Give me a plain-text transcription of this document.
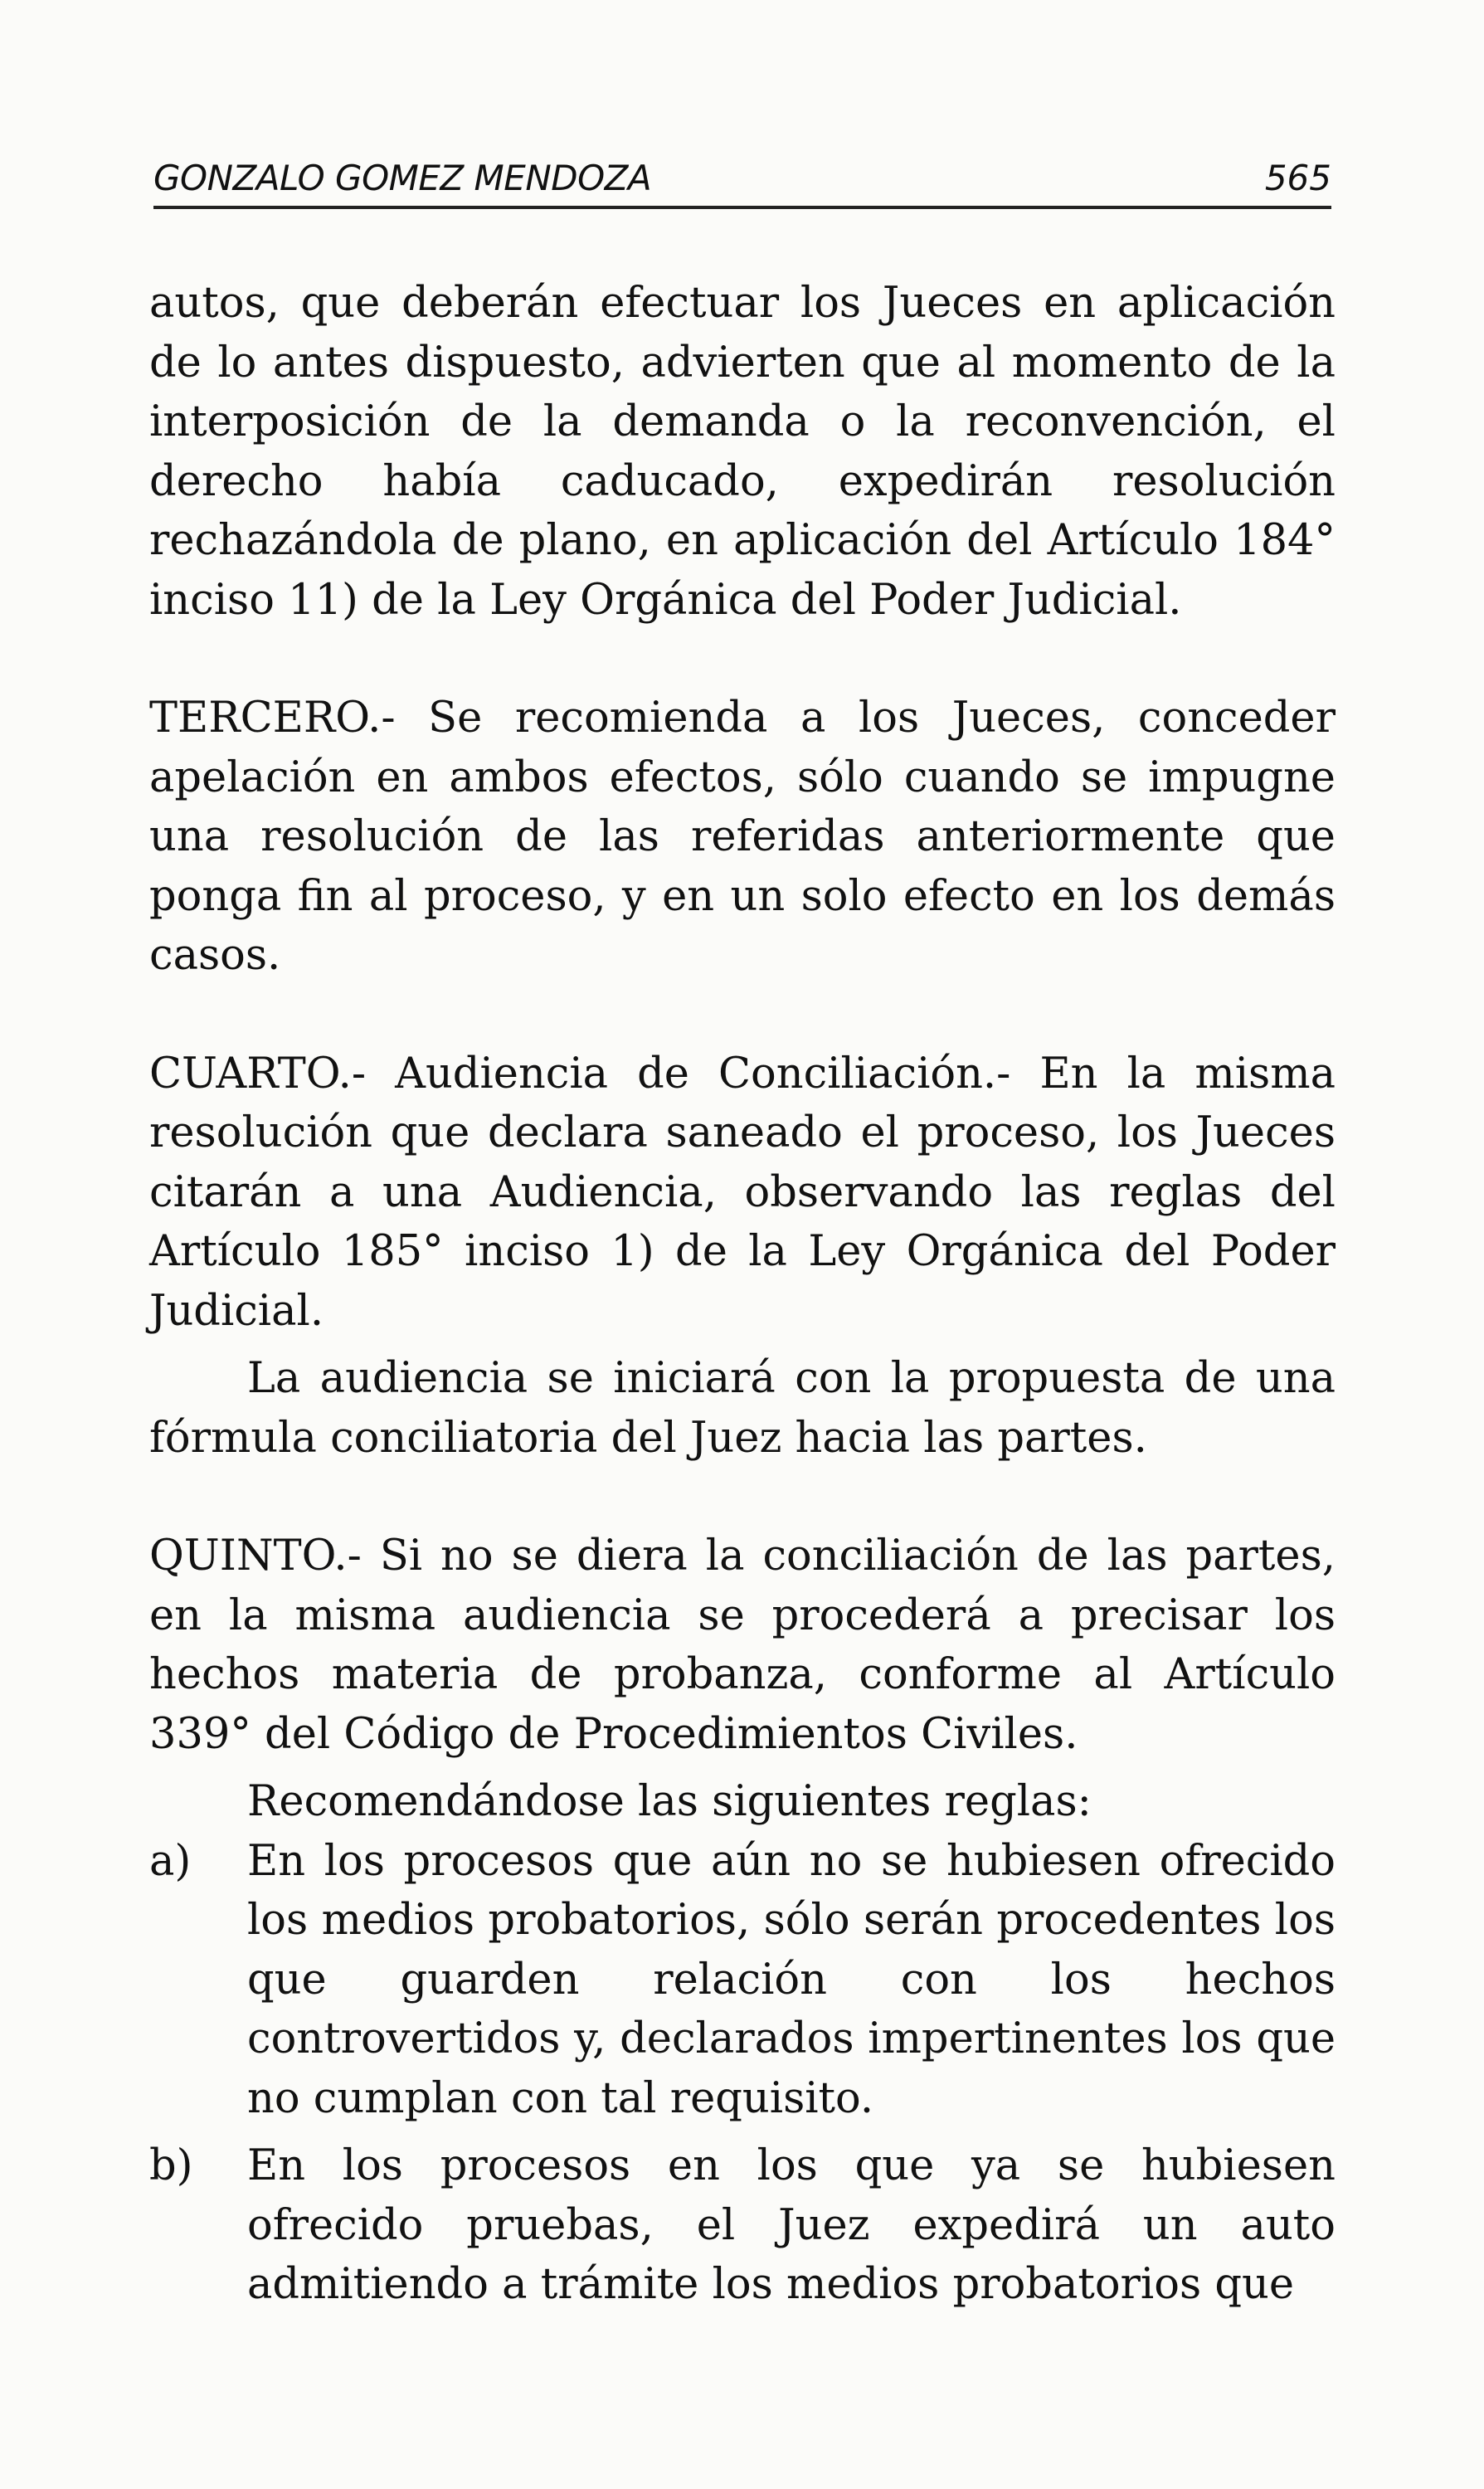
GONZALO GOMEZ MENDOZA	565

autos, que deberán efectuar los Jueces en aplicación de lo antes dispuesto, advierten que al momento de la interposición de la demanda o la reconvención, el derecho había caducado, expedirán resolución rechazándola de plano, en aplicación del Artículo 184° inciso 11) de la Ley Orgánica del Poder Judicial.

TERCERO.- Se recomienda a los Jueces, conceder apelación en ambos efectos, sólo cuando se impugne una resolución de las referidas anteriormente que ponga fin al proceso, y en un solo efecto en los demás casos.

CUARTO.- Audiencia de Conciliación.- En la misma resolución que declara saneado el proceso, los Jueces citarán a una Audiencia, observando las reglas del Artículo 185° inciso 1) de la Ley Orgánica del Poder Judicial.

La audiencia se iniciará con la propuesta de una fórmula conciliatoria del Juez hacia las partes.

QUINTO.- Si no se diera la conciliación de las partes, en la misma audiencia se procederá a precisar los hechos materia de probanza, conforme al Artículo 339° del Código de Procedimientos Civiles.

Recomendándose las siguientes reglas:

a)	En los procesos que aún no se hubiesen ofrecido los medios probatorios, sólo serán procedentes los que guarden relación con los hechos controvertidos y, declarados impertinentes los que no cumplan con tal requisito.
b)	En los procesos en los que ya se hubiesen ofrecido pruebas, el Juez expedirá un auto admitiendo a trámite los medios probatorios que
